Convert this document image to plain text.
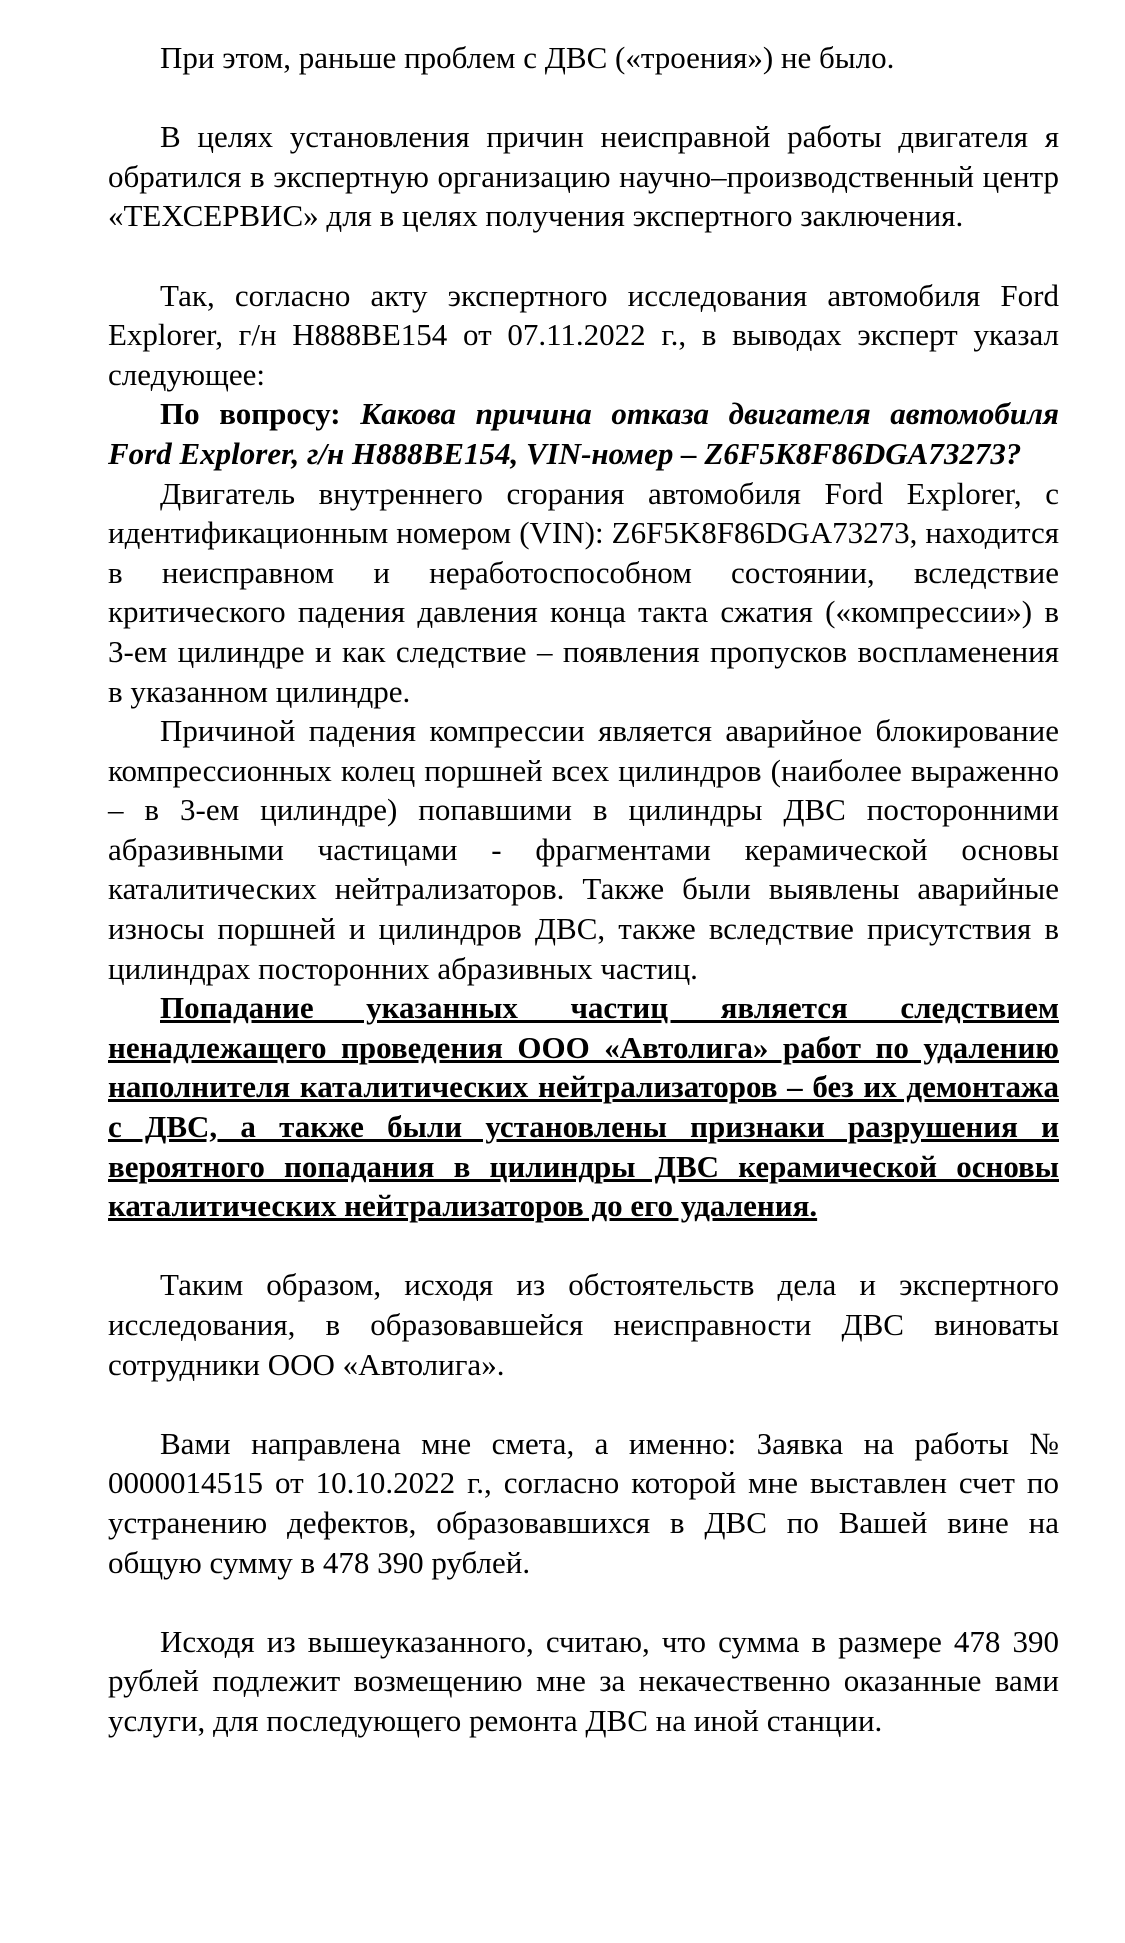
При этом, раньше проблем с ДВС («троения») не было.

В целях установления причин неисправной работы двигателя я обратился в экспертную организацию научно–производственный центр «ТЕХСЕРВИС» для в целях получения экспертного заключения.

Так, согласно акту экспертного исследования автомобиля Ford Explorer, г/н Н888ВЕ154 от 07.11.2022 г., в выводах эксперт указал следующее:

По вопросу: Какова причина отказа двигателя автомобиля Ford Explorer, г/н Н888ВЕ154, VIN-номер – Z6F5K8F86DGA73273?

Двигатель внутреннего сгорания автомобиля Ford Explorer, с идентификационным номером (VIN): Z6F5K8F86DGA73273, находится в неисправном и неработоспособном состоянии, вследствие критического падения давления конца такта сжатия («компрессии») в 3-ем цилиндре и как следствие – появления пропусков воспламенения в указанном цилиндре.

Причиной падения компрессии является аварийное блокирование компрессионных колец поршней всех цилиндров (наиболее выраженно – в 3-ем цилиндре) попавшими в цилиндры ДВС посторонними абразивными частицами - фрагментами керамической основы каталитических нейтрализаторов. Также были выявлены аварийные износы поршней и цилиндров ДВС, также вследствие присутствия в цилиндрах посторонних абразивных частиц.

Попадание указанных частиц является следствием ненадлежащего проведения ООО «Автолига» работ по удалению наполнителя каталитических нейтрализаторов – без их демонтажа с ДВС, а также были установлены признаки разрушения и вероятного попадания в цилиндры ДВС керамической основы каталитических нейтрализаторов до его удаления.

Таким образом, исходя из обстоятельств дела и экспертного исследования, в образовавшейся неисправности ДВС виноваты сотрудники ООО «Автолига».

Вами направлена мне смета, а именно: Заявка на работы № 0000014515 от 10.10.2022 г., согласно которой мне выставлен счет по устранению дефектов, образовавшихся в ДВС по Вашей вине на общую сумму в 478 390 рублей.

Исходя из вышеуказанного, считаю, что сумма в размере 478 390 рублей подлежит возмещению мне за некачественно оказанные вами услуги, для последующего ремонта ДВС на иной станции.
